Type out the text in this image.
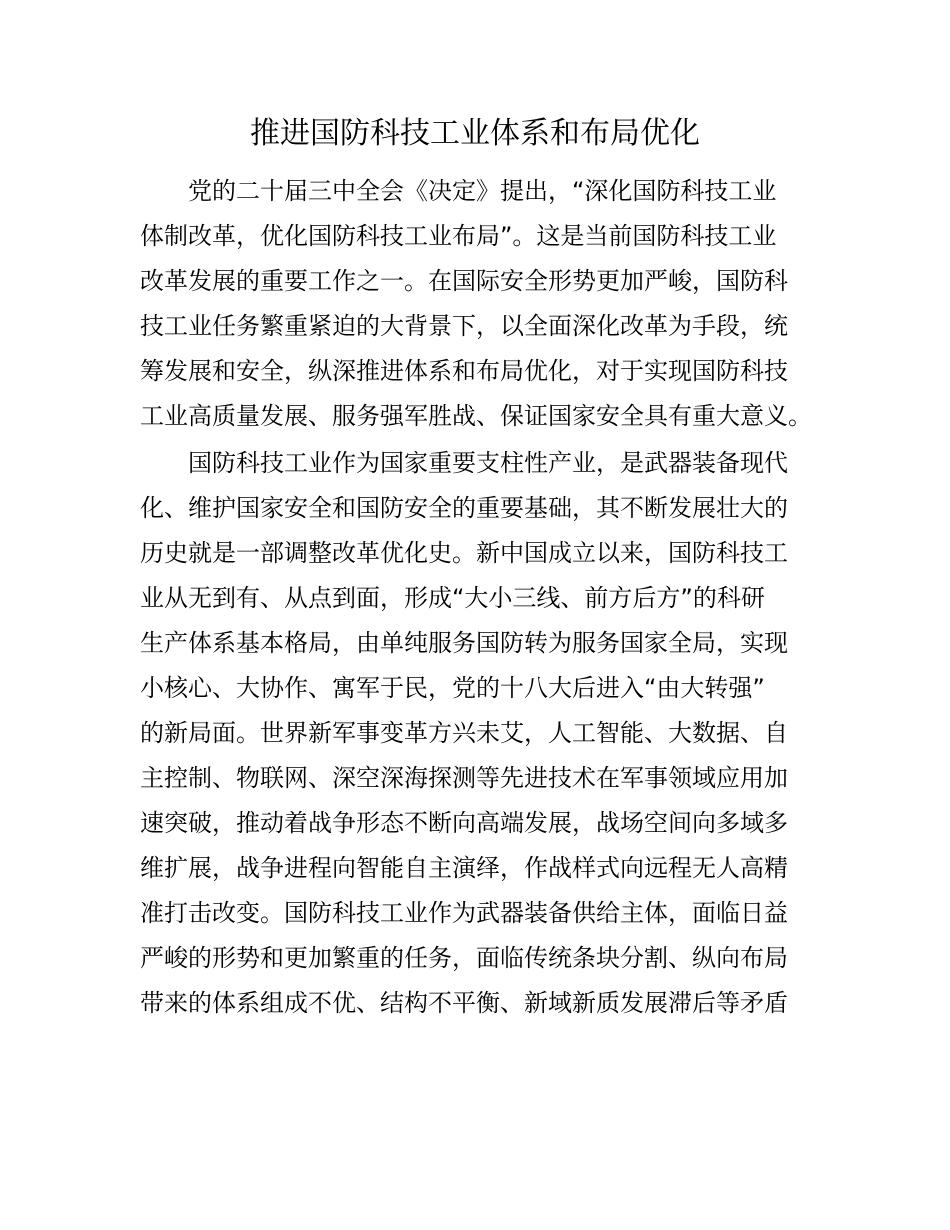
推进国防科技工业体系和布局优化

党的二十届三中全会《决定》提出，“深化国防科技工业

体制改革，优化国防科技工业布局”。这是当前国防科技工业

改革发展的重要工作之一。在国际安全形势更加严峻，国防科

技工业任务繁重紧迫的大背景下，以全面深化改革为手段，统

筹发展和安全，纵深推进体系和布局优化，对于实现国防科技

工业高质量发展、服务强军胜战、保证国家安全具有重大意义。

国防科技工业作为国家重要支柱性产业，是武器装备现代

化、维护国家安全和国防安全的重要基础，其不断发展壮大的

历史就是一部调整改革优化史。新中国成立以来，国防科技工

业从无到有、从点到面，形成“大小三线、前方后方”的科研

生产体系基本格局，由单纯服务国防转为服务国家全局，实现

小核心、大协作、寓军于民，党的十八大后进入“由大转强”

的新局面。世界新军事变革方兴未艾，人工智能、大数据、自

主控制、物联网、深空深海探测等先进技术在军事领域应用加

速突破，推动着战争形态不断向高端发展，战场空间向多域多

维扩展，战争进程向智能自主演绎，作战样式向远程无人高精

准打击改变。国防科技工业作为武器装备供给主体，面临日益

严峻的形势和更加繁重的任务，面临传统条块分割、纵向布局

带来的体系组成不优、结构不平衡、新域新质发展滞后等矛盾
